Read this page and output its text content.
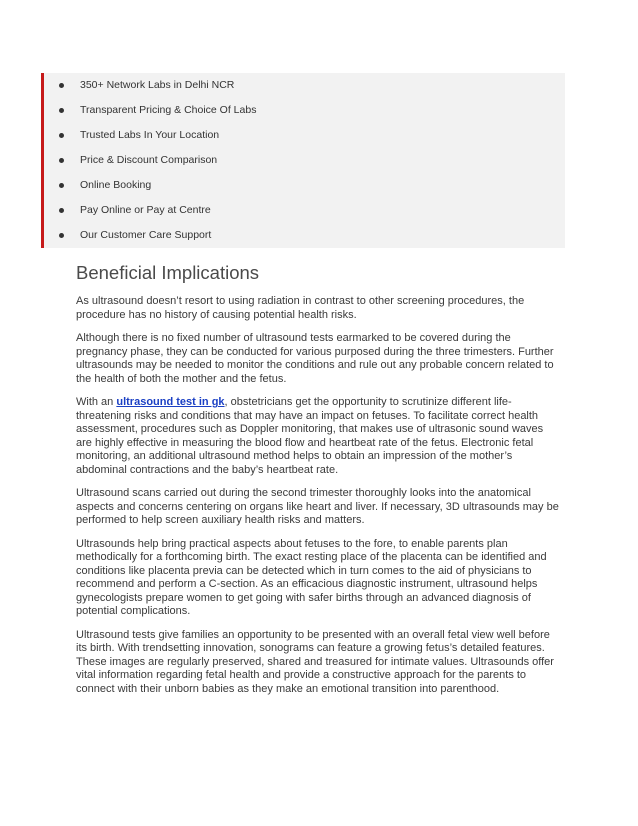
350+ Network Labs in Delhi NCR
Transparent Pricing & Choice Of Labs
Trusted Labs In Your Location
Price & Discount Comparison
Online Booking
Pay Online or Pay at Centre
Our Customer Care Support
Beneficial Implications

As ultrasound doesn’t resort to using radiation in contrast to other screening procedures, the procedure has no history of causing potential health risks.

Although there is no fixed number of ultrasound tests earmarked to be covered during the pregnancy phase, they can be conducted for various purposed during the three trimesters. Further ultrasounds may be needed to monitor the conditions and rule out any probable concern related to the health of both the mother and the fetus.

With an ultrasound test in gk, obstetricians get the opportunity to scrutinize different life-threatening risks and conditions that may have an impact on fetuses. To facilitate correct health assessment, procedures such as Doppler monitoring, that makes use of ultrasonic sound waves are highly effective in measuring the blood flow and heartbeat rate of the fetus. Electronic fetal monitoring, an additional ultrasound method helps to obtain an impression of the mother’s abdominal contractions and the baby’s heartbeat rate.

Ultrasound scans carried out during the second trimester thoroughly looks into the anatomical aspects and concerns centering on organs like heart and liver. If necessary, 3D ultrasounds may be performed to help screen auxiliary health risks and matters.

Ultrasounds help bring practical aspects about fetuses to the fore, to enable parents plan methodically for a forthcoming birth. The exact resting place of the placenta can be identified and conditions like placenta previa can be detected which in turn comes to the aid of physicians to recommend and perform a C-section. As an efficacious diagnostic instrument, ultrasound helps gynecologists prepare women to get going with safer births through an advanced diagnosis of potential complications.

Ultrasound tests give families an opportunity to be presented with an overall fetal view well before its birth. With trendsetting innovation, sonograms can feature a growing fetus’s detailed features. These images are regularly preserved, shared and treasured for intimate values. Ultrasounds offer vital information regarding fetal health and provide a constructive approach for the parents to connect with their unborn babies as they make an emotional transition into parenthood.
